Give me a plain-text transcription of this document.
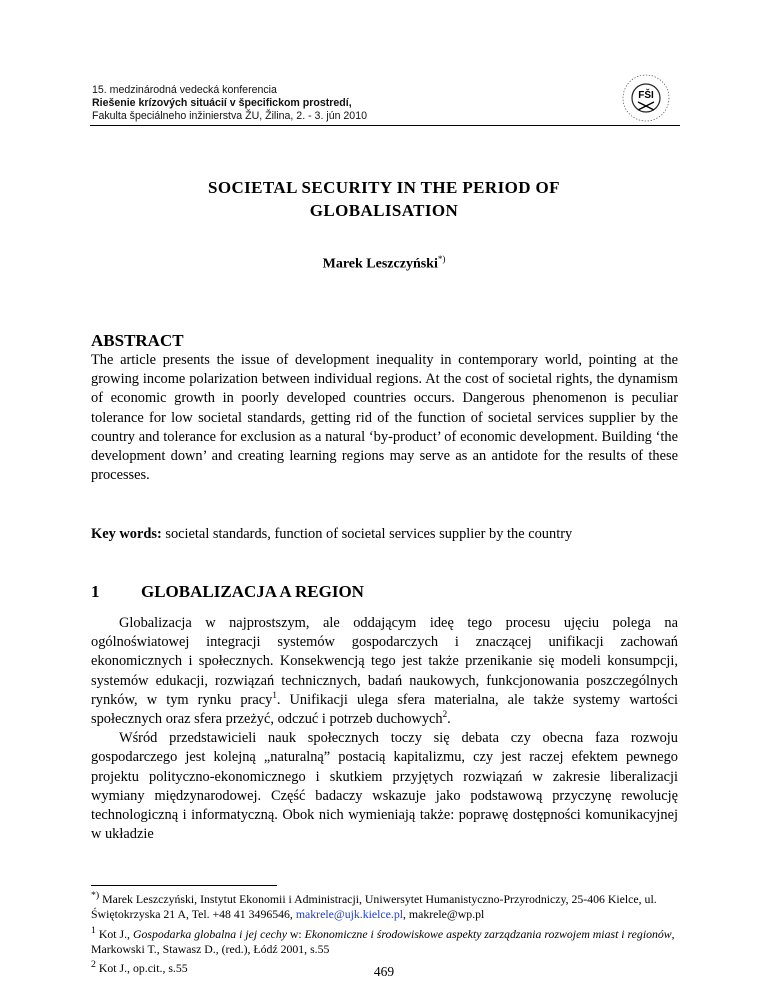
15. medzinárodná vedecká konferencia
Riešenie krízových situácií v špecifickom prostredí,
Fakulta špeciálneho inžinierstva ŽU, Žilina, 2. - 3. jún 2010
FŠI
SOCIETAL SECURITY IN THE PERIOD OF
GLOBALISATION
Marek Leszczyński*)
ABSTRACT

The article presents the issue of development inequality in contemporary world, pointing at the growing income polarization between individual regions. At the cost of societal rights, the dynamism of economic growth in poorly developed countries occurs. Dangerous phenomenon is peculiar tolerance for low societal standards, getting rid of the function of societal services supplier by the country and tolerance for exclusion as a natural ‘by-product’ of economic development. Building ‘the development down’ and creating learning regions may serve as an antidote for the results of these processes.

Key words: societal standards, function of societal services supplier by the country

1 GLOBALIZACJA A REGION

Globalizacja w najprostszym, ale oddającym ideę tego procesu ujęciu polega na ogólnoświatowej integracji systemów gospodarczych i znaczącej unifikacji zachowań ekonomicznych i społecznych. Konsekwencją tego jest także przenikanie się modeli konsumpcji, systemów edukacji, rozwiązań technicznych, badań naukowych, funkcjonowania poszczególnych rynków, w tym rynku pracy$^1$. Unifikacji ulega sfera materialna, ale także systemy wartości społecznych oraz sfera przeżyć, odczuć i potrzeb duchowych$^2$.

Wśród przedstawicieli nauk społecznych toczy się debata czy obecna faza rozwoju gospodarczego jest kolejną „naturalną” postacią kapitalizmu, czy jest raczej efektem pewnego projektu polityczno-ekonomicznego i skutkiem przyjętych rozwiązań w zakresie liberalizacji wymiany międzynarodowej. Część badaczy wskazuje jako podstawową przyczynę rewolucję technologiczną i informatyczną. Obok nich wymieniają także: poprawę dostępności komunikacyjnej w układzie

*) Marek Leszczyński, Instytut Ekonomii i Administracji, Uniwersytet Humanistyczno-Przyrodniczy, 25-406 Kielce, ul. Świętokrzyska 21 A, Tel. +48 41 3496546, makrele@ujk.kielce.pl, makrele@wp.pl

$^1$ Kot J., Gospodarka globalna i jej cechy w: Ekonomiczne i środowiskowe aspekty zarządzania rozwojem miast i regionów, Markowski T., Stawasz D., (red.), Łódź 2001, s.55

$^2$ Kot J., op.cit., s.55	469
